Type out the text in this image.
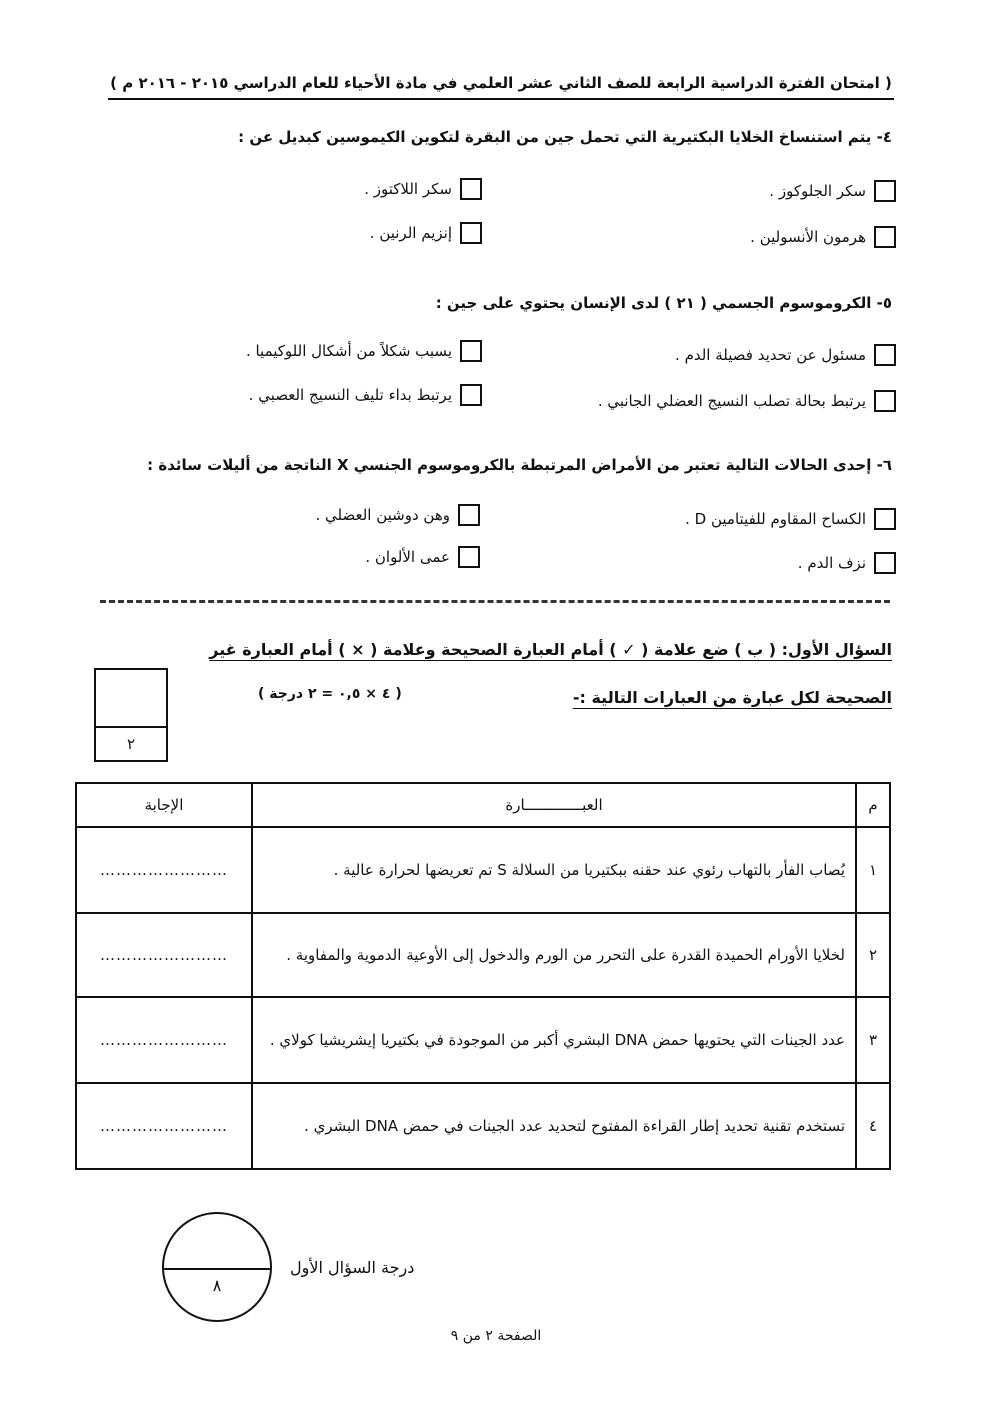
( امتحان الفترة الدراسية الرابعة للصف الثاني عشر العلمي في مادة الأحياء للعام الدراسي ٢٠١٥ - ٢٠١٦ م )
٤- يتم استنساخ الخلايا البكتيرية التي تحمل جين من البقرة لتكوين الكيموسين كبديل عن :
سكر الجلوكوز .
سكر اللاكتوز .
هرمون الأنسولين .
إنزيم الرنين .
٥- الكروموسوم الجسمي ( ٢١ ) لدى الإنسان يحتوي على جين :
مسئول عن تحديد فصيلة الدم .
يسبب شكلاً من أشكال اللوكيميا .
يرتبط بحالة تصلب النسيج العضلي الجانبي .
يرتبط بداء تليف النسيج العصبي .
٦- إحدى الحالات التالية تعتبر من الأمراض المرتبطة بالكروموسوم الجنسي X الناتجة من أليلات سائدة :
الكساح المقاوم للفيتامين D .
وهن دوشين العضلي .
نزف الدم .
عمى الألوان .
السؤال الأول: ( ب ) ضع علامة ( ✓ ) أمام العبارة الصحيحة وعلامة ( × ) أمام العبارة غير
الصحيحة لكل عبارة من العبارات التالية :-
( ٤ × ٠,٥ = ٢ درجة )
٢
م	العبـــــــــــــارة	الإجابة
١	يُصاب الفأر بالتهاب رئوي عند حقنه ببكتيريا من السلالة S تم تعريضها لحرارة عالية .	……………………
٢	لخلايا الأورام الحميدة القدرة على التحرر من الورم والدخول إلى الأوعية الدموية والمفاوية .	……………………
٣	عدد الجينات التي يحتويها حمض DNA البشري أكبر من الموجودة في بكتيريا إيشريشيا كولاي .	……………………
٤	تستخدم تقنية تحديد إطار القراءة المفتوح لتحديد عدد الجينات في حمض DNA البشري .	……………………
٨
درجة السؤال الأول
الصفحة ٢ من ٩
